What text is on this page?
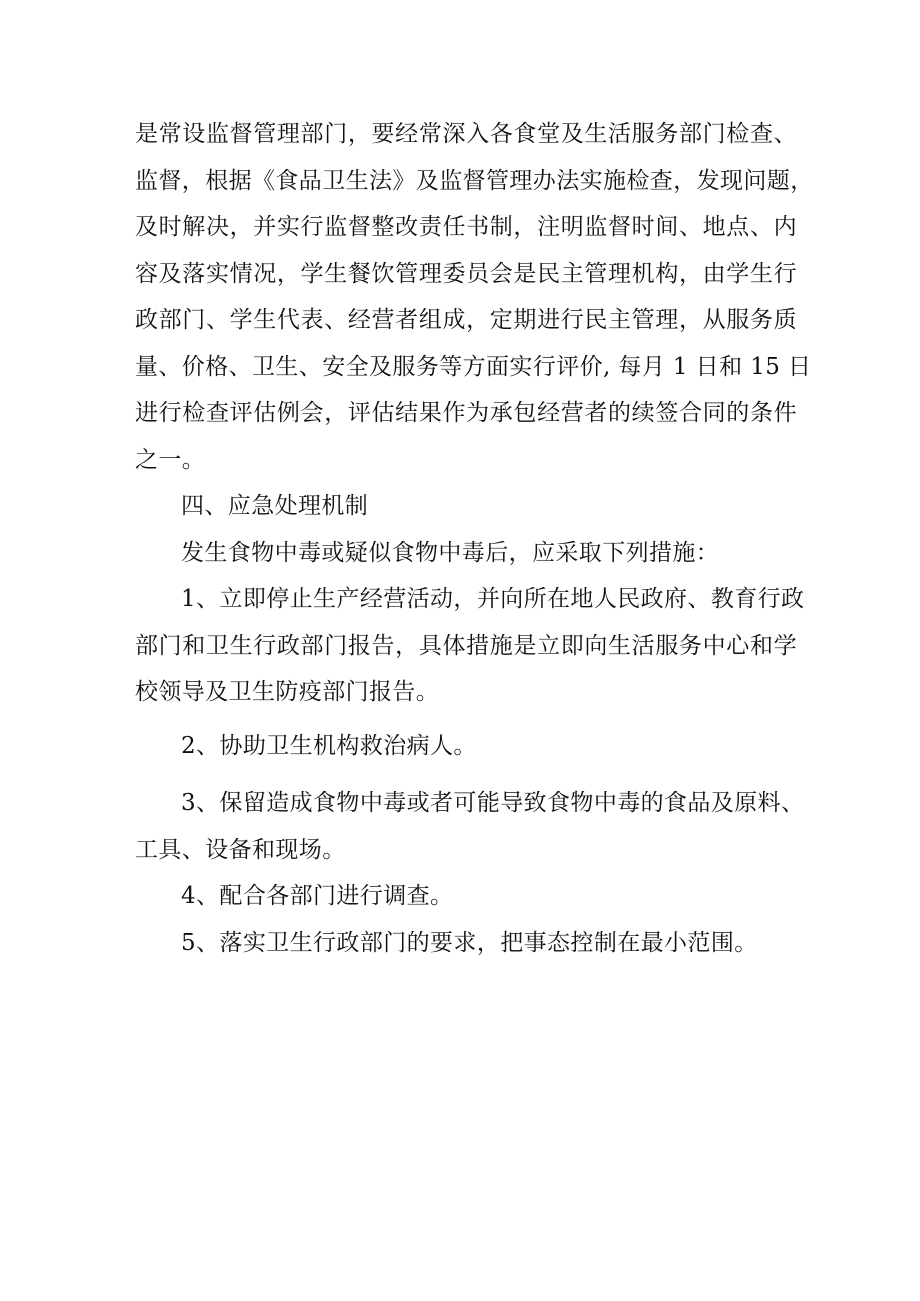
是常设监督管理部门，要经常深入各食堂及生活服务部门检查、
监督，根据《食品卫生法》及监督管理办法实施检查，发现问题，
及时解决，并实行监督整改责任书制，注明监督时间、地点、内
容及落实情况，学生餐饮管理委员会是民主管理机构，由学生行
政部门、学生代表、经营者组成，定期进行民主管理，从服务质
量、价格、卫生、安全及服务等方面实行评价, 每月 1 日和 15 日
进行检查评估例会，评估结果作为承包经营者的续签合同的条件
之一。
四、应急处理机制
发生食物中毒或疑似食物中毒后，应采取下列措施：
1、立即停止生产经营活动，并向所在地人民政府、教育行政
部门和卫生行政部门报告，具体措施是立即向生活服务中心和学
校领导及卫生防疫部门报告。
2、协助卫生机构救治病人。
3、保留造成食物中毒或者可能导致食物中毒的食品及原料、
工具、设备和现场。
4、配合各部门进行调查。
5、落实卫生行政部门的要求，把事态控制在最小范围。
